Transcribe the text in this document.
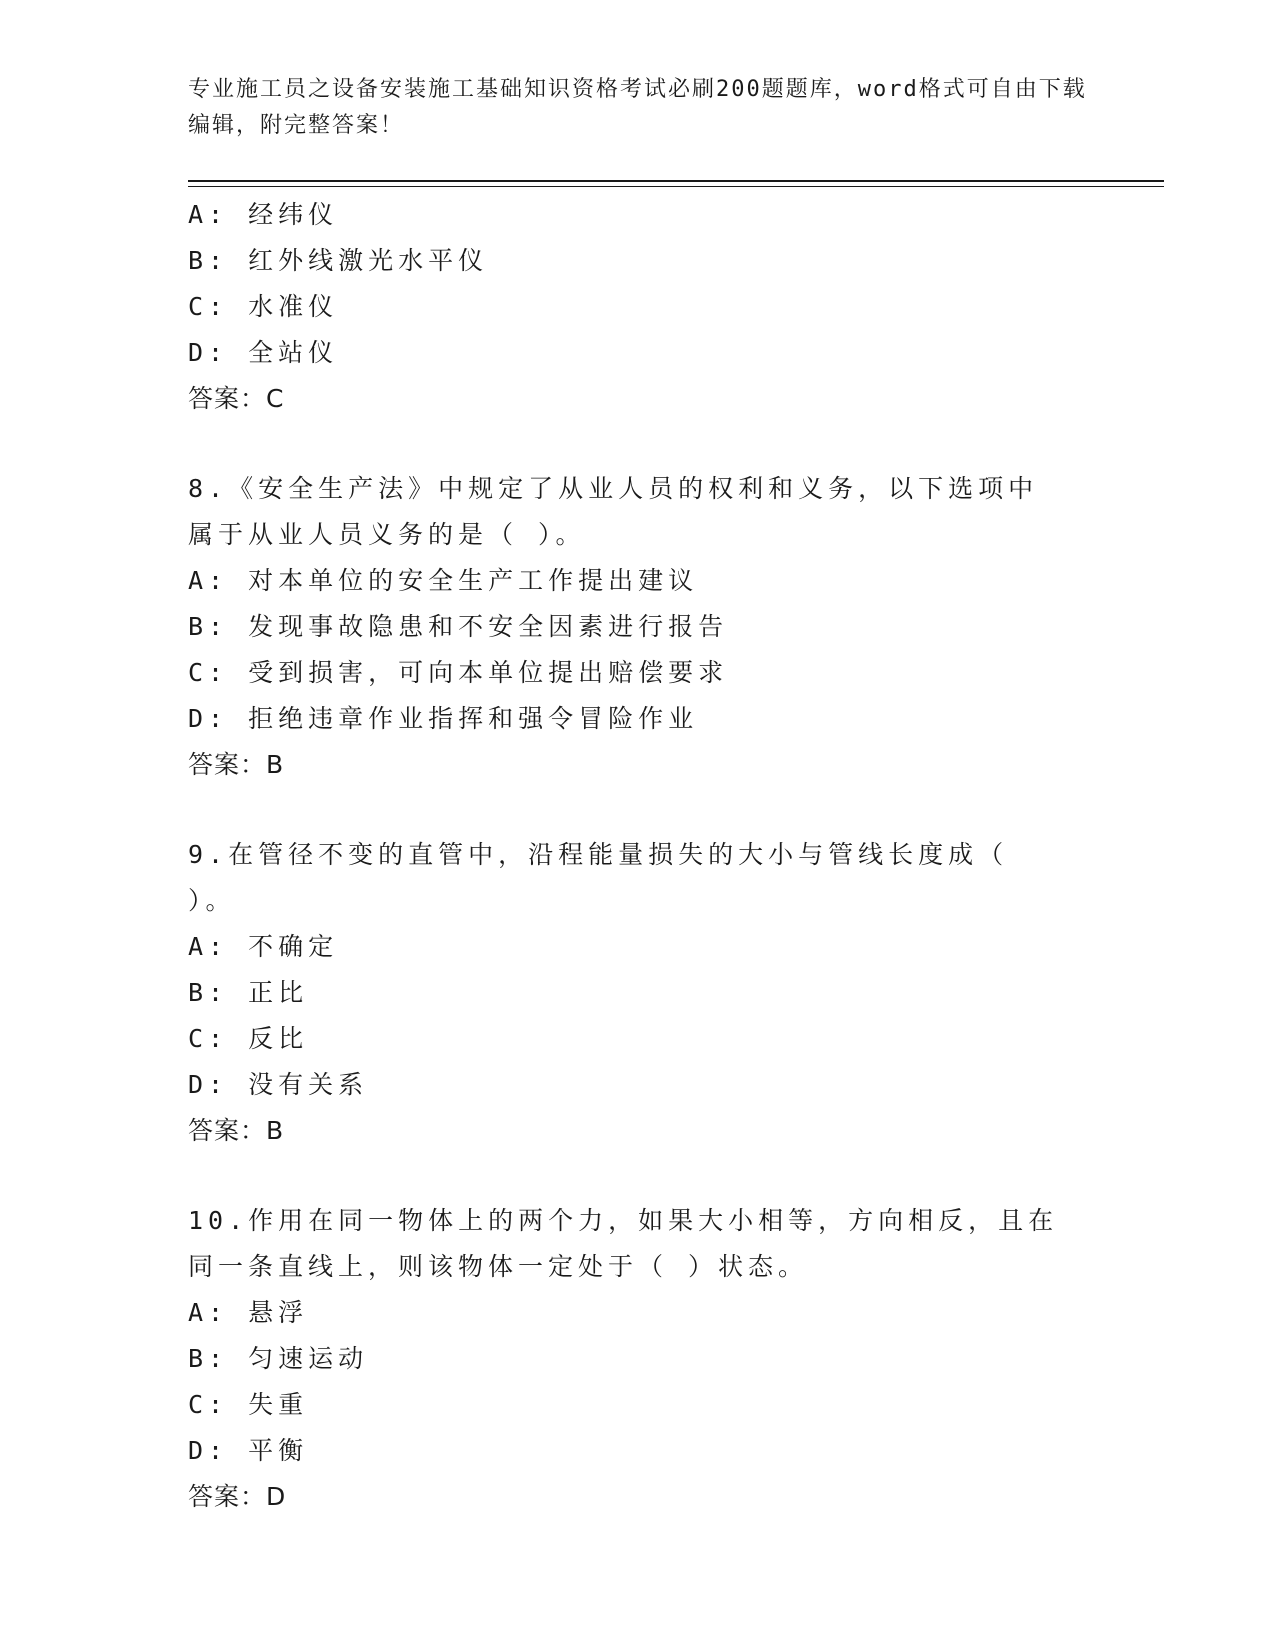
专业施工员之设备安装施工基础知识资格考试必刷200题题库，word格式可自由下载编辑，附完整答案！
A: 经纬仪
B: 红外线激光水平仪
C: 水准仪
D: 全站仪
答案：C
8.《安全生产法》中规定了从业人员的权利和义务，以下选项中属于从业人员义务的是（ ）。
A: 对本单位的安全生产工作提出建议
B: 发现事故隐患和不安全因素进行报告
C: 受到损害，可向本单位提出赔偿要求
D: 拒绝违章作业指挥和强令冒险作业
答案：B
9.在管径不变的直管中，沿程能量损失的大小与管线长度成（ ）。
A: 不确定
B: 正比
C: 反比
D: 没有关系
答案：B
10.作用在同一物体上的两个力，如果大小相等，方向相反，且在同一条直线上，则该物体一定处于（ ）状态。
A: 悬浮
B: 匀速运动
C: 失重
D: 平衡
答案：D
